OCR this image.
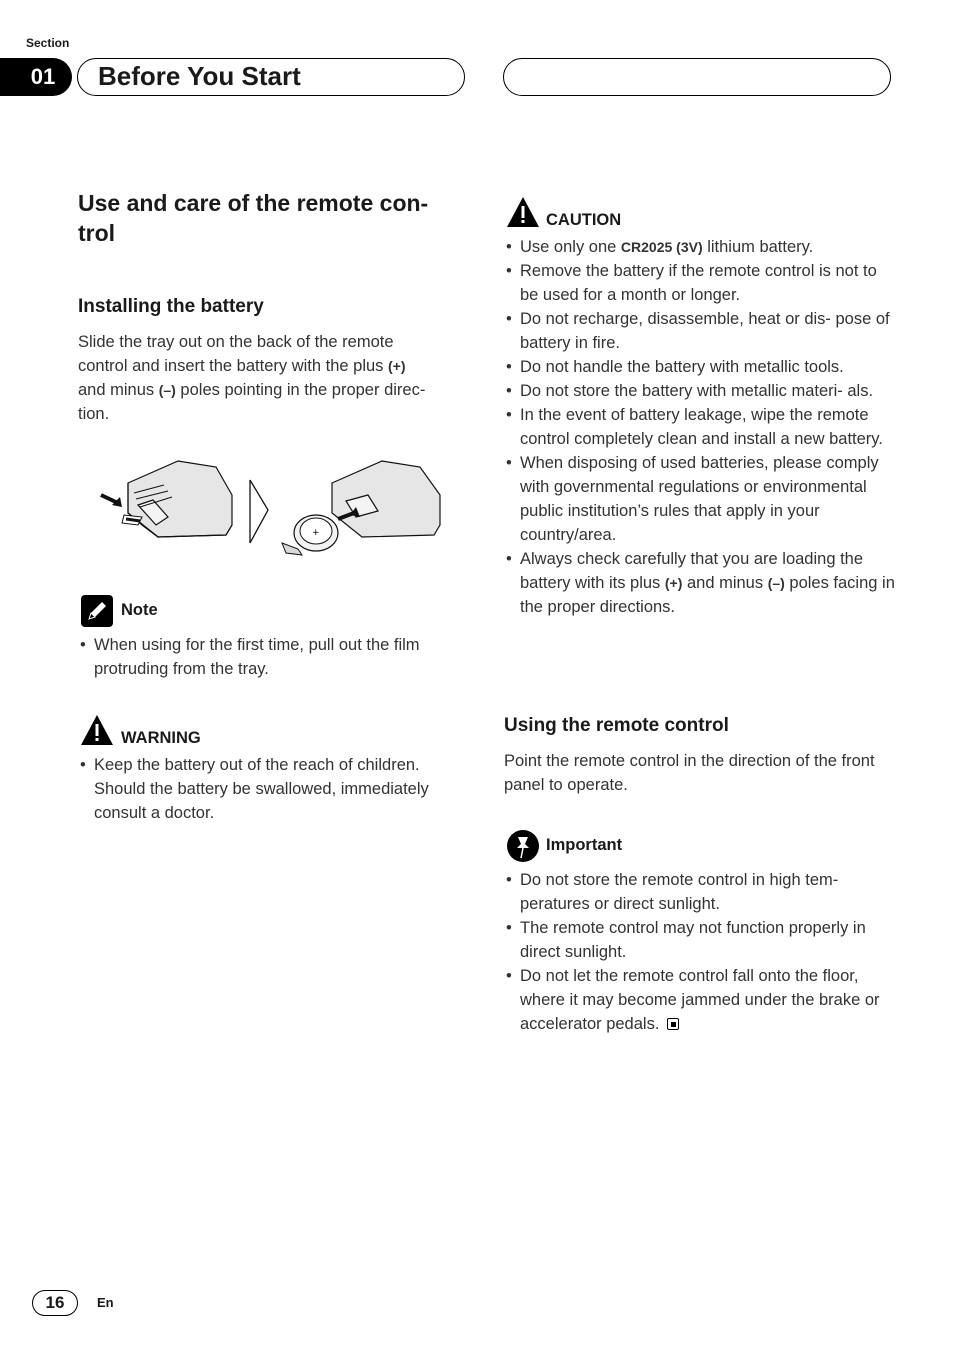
Section
01	Before You Start
Use and care of the remote con-
trol
Installing the battery
Slide the tray out on the back of the remote
control and insert the battery with the plus (+)
and minus (–) poles pointing in the proper direc-
tion.
+
Note
• When using for the first time, pull out the film protruding from the tray.
WARNING
• Keep the battery out of the reach of children. Should the battery be swallowed, immediately consult a doctor.
CAUTION
• Use only one CR2025 (3V) lithium battery.
• Remove the battery if the remote control is not to be used for a month or longer.
• Do not recharge, disassemble, heat or dis- pose of battery in fire.
• Do not handle the battery with metallic tools.
• Do not store the battery with metallic materi- als.
• In the event of battery leakage, wipe the remote control completely clean and install a new battery.
• When disposing of used batteries, please comply with governmental regulations or environmental public institution’s rules that apply in your country/area.
• Always check carefully that you are loading the battery with its plus (+) and minus (–) poles facing in the proper directions.
Using the remote control
Point the remote control in the direction of the front panel to operate.
Important
• Do not store the remote control in high tem- peratures or direct sunlight.
• The remote control may not function properly in direct sunlight.
• Do not let the remote control fall onto the floor, where it may become jammed under the brake or accelerator pedals.
16	En
